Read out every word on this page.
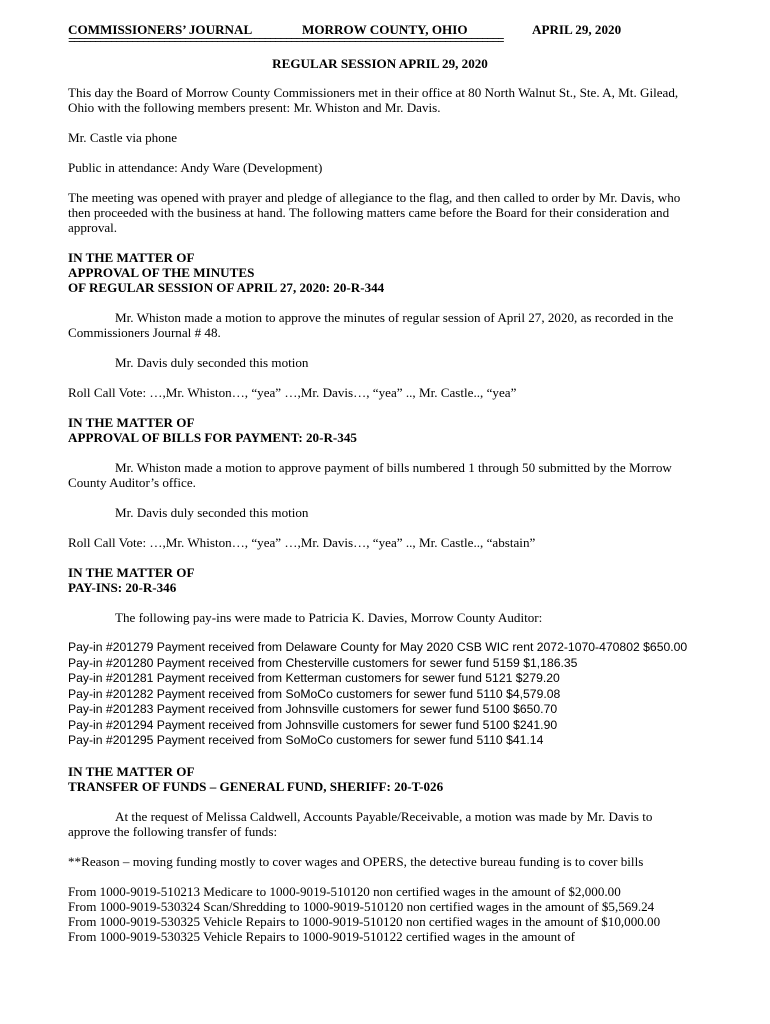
COMMISSIONERS’ JOURNAL	MORROW COUNTY, OHIO	APRIL 29, 2020
==================================================================================
REGULAR SESSION APRIL 29, 2020

This day the Board of Morrow County Commissioners met in their office at 80 North Walnut St., Ste. A, Mt. Gilead, Ohio with the following members present: Mr. Whiston and Mr. Davis.

Mr. Castle via phone

Public in attendance: Andy Ware (Development)

The meeting was opened with prayer and pledge of allegiance to the flag, and then called to order by Mr. Davis, who then proceeded with the business at hand. The following matters came before the Board for their consideration and approval.

IN THE MATTER OF
APPROVAL OF THE MINUTES
OF REGULAR SESSION OF APRIL 27, 2020: 20-R-344

Mr. Whiston made a motion to approve the minutes of regular session of April 27, 2020, as recorded in the Commissioners Journal # 48.

Mr. Davis duly seconded this motion

Roll Call Vote: …,Mr. Whiston…, “yea” …,Mr. Davis…, “yea” .., Mr. Castle.., “yea”

IN THE MATTER OF
APPROVAL OF BILLS FOR PAYMENT: 20-R-345

Mr. Whiston made a motion to approve payment of bills numbered 1 through 50 submitted by the Morrow County Auditor’s office.

Mr. Davis duly seconded this motion

Roll Call Vote: …,Mr. Whiston…, “yea” …,Mr. Davis…, “yea” .., Mr. Castle.., “abstain”

IN THE MATTER OF
PAY-INS: 20-R-346

The following pay-ins were made to Patricia K. Davies, Morrow County Auditor:

Pay-in #201279 Payment received from Delaware County for May 2020 CSB WIC rent 2072-1070-470802 $650.00
Pay-in #201280 Payment received from Chesterville customers for sewer fund 5159 $1,186.35
Pay-in #201281 Payment received from Ketterman customers for sewer fund 5121 $279.20
Pay-in #201282 Payment received from SoMoCo customers for sewer fund 5110 $4,579.08
Pay-in #201283 Payment received from Johnsville customers for sewer fund 5100 $650.70
Pay-in #201294 Payment received from Johnsville customers for sewer fund 5100 $241.90
Pay-in #201295 Payment received from SoMoCo customers for sewer fund 5110 $41.14
IN THE MATTER OF
TRANSFER OF FUNDS – GENERAL FUND, SHERIFF: 20-T-026

At the request of Melissa Caldwell, Accounts Payable/Receivable, a motion was made by Mr. Davis to approve the following transfer of funds:

**Reason – moving funding mostly to cover wages and OPERS, the detective bureau funding is to cover bills

From 1000-9019-510213 Medicare to 1000-9019-510120 non certified wages in the amount of $2,000.00
From 1000-9019-530324 Scan/Shredding to 1000-9019-510120 non certified wages in the amount of $5,569.24
From 1000-9019-530325 Vehicle Repairs to 1000-9019-510120 non certified wages in the amount of $10,000.00
From 1000-9019-530325 Vehicle Repairs to 1000-9019-510122 certified wages in the amount of
